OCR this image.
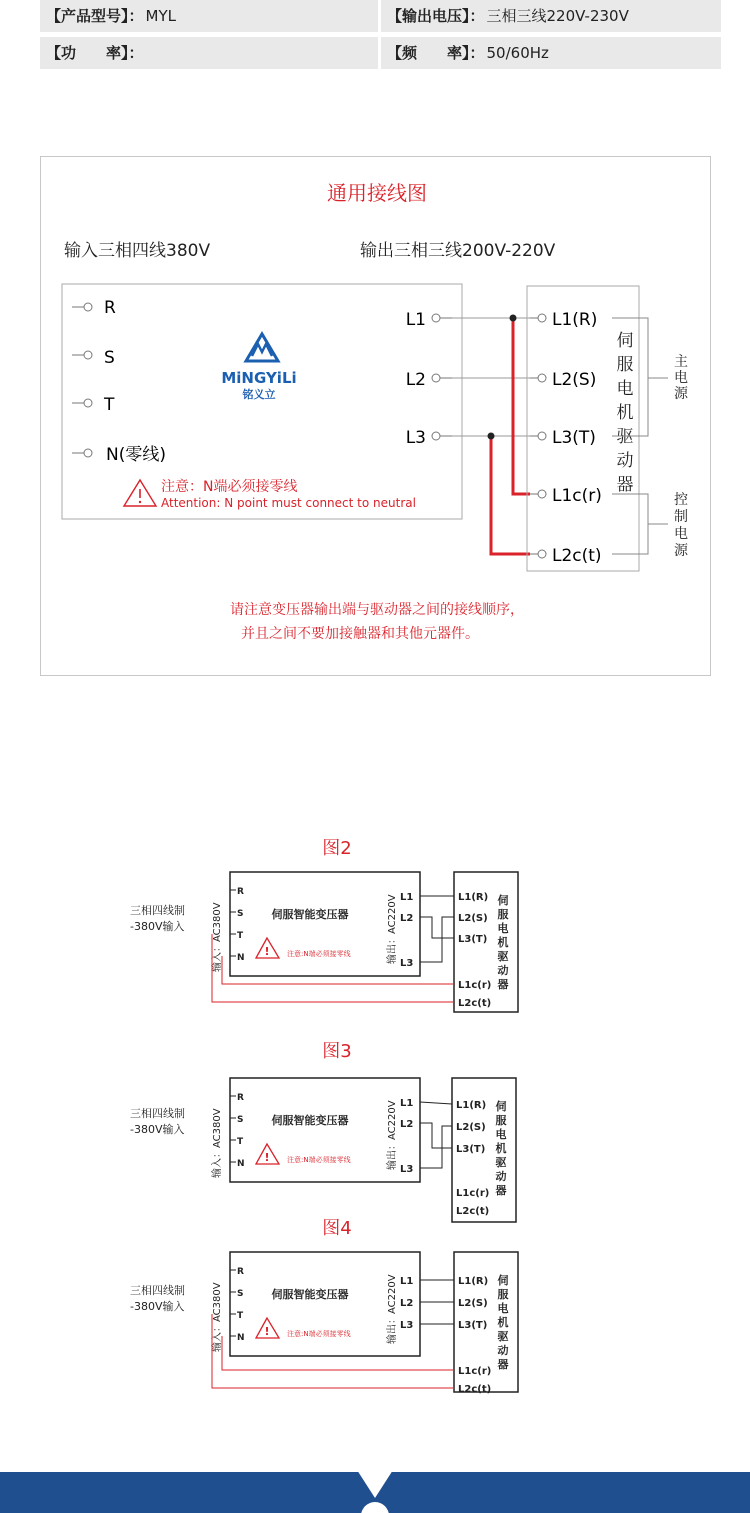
【产品型号】： MYL	【输出电压】： 三相三线220V-230V
【功　　率】：	【频　　率】： 50/60Hz
通用接线图
输入三相四线380V	输出三相三线200V-220V
R
S
T
N(零线)
MiNGYiLi
铭义立
注意：N端必须接零线
Attention: N point must connect to neutral
L1
L2
L3
L1(R)
L2(S)
L3(T)
L1c(r)
L2c(t)
伺
服
电
机
驱
动
器
主
电
源
控
制
电
源
请注意变压器输出端与驱动器之间的接线顺序，
并且之间不要加接触器和其他元器件。
图2
三相四线制
-380V输入	输入：AC380V	输出：AC220V
伺服智能变压器
R
S
T
N ! 注意:N端必须接零线
L1
L2
L3
L1(R)
L2(S)
L3(T)
L1c(r)
L2c(t)
伺
服
电
机
驱
动
器
图3
三相四线制
-380V输入	输入：AC380V	输出：AC220V
伺服智能变压器
R
S
T
N ! 注意:N端必须接零线
L1
L2
L3
L1(R)
L2(S)
L3(T)
L1c(r)
L2c(t)
伺
服
电
机
驱
动
器
图4
三相四线制
-380V输入	输入：AC380V	输出：AC220V
伺服智能变压器
R
S
T
N ! 注意:N端必须接零线
L1
L2
L3
L1(R)
L2(S)
L3(T)
L1c(r)
L2c(t)
伺
服
电
机
驱
动
器
